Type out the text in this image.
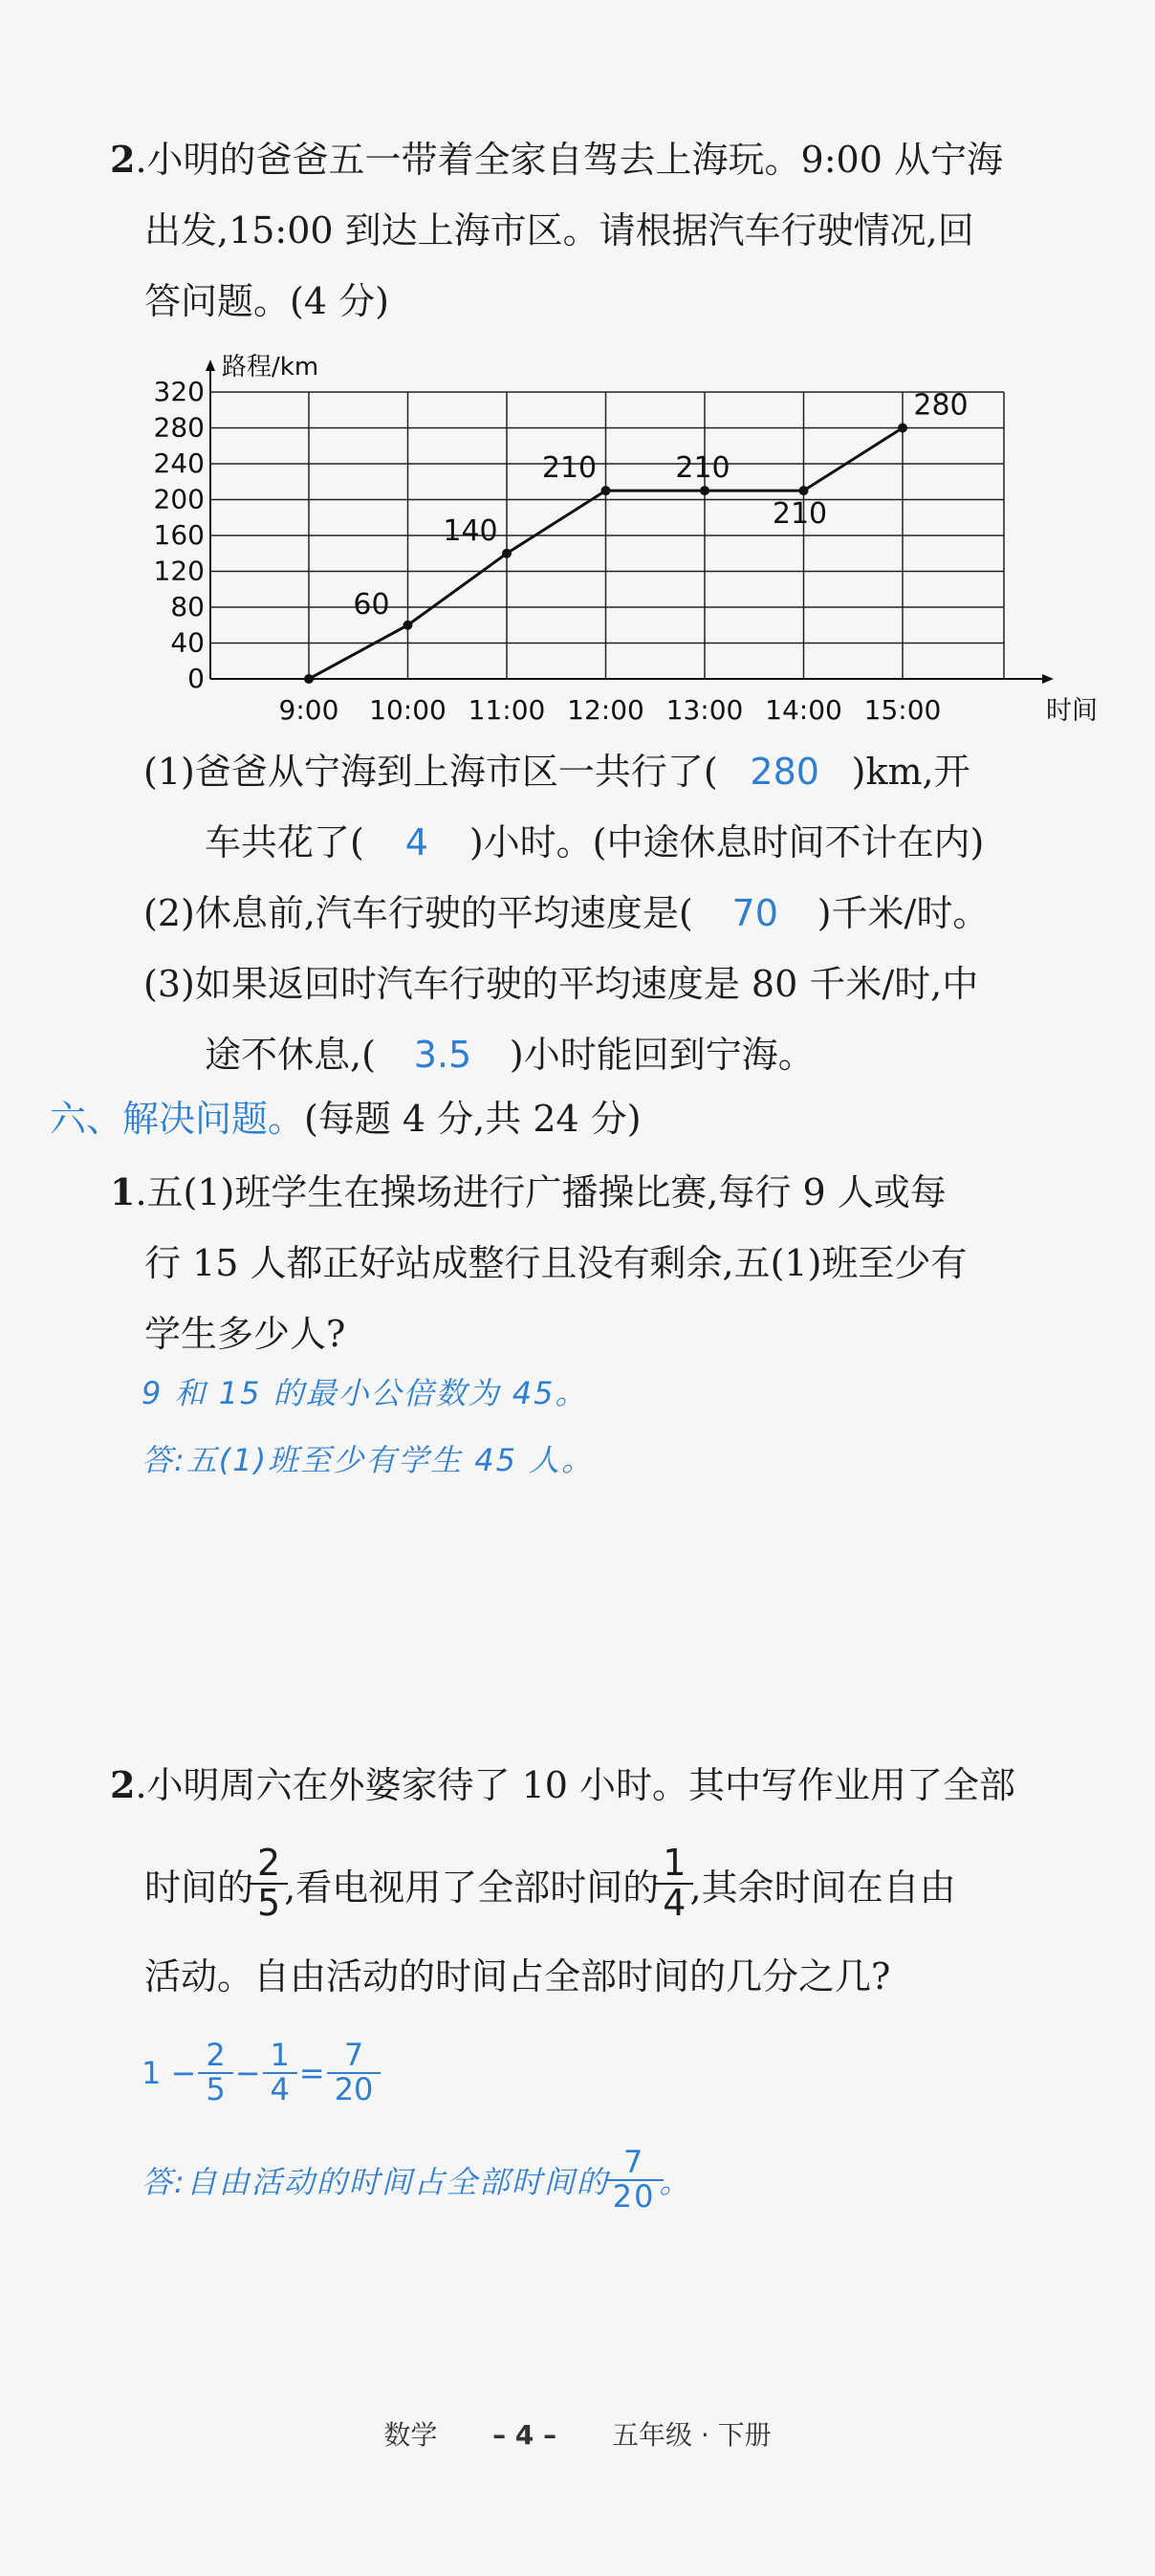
2.小明的爸爸五一带着全家自驾去上海玩。9:00 从宁海
出发,15:00 到达上海市区。请根据汽车行驶情况,回
答问题。(4 分)
路程/km
时间
0
40
80
120
160
200
240
280
320
9:00 10:00 11:00 12:00 13:00 14:00 15:00
60
140
210	210
210
280
(1)爸爸从宁海到上海市区一共行了( 280 )km,开
车共花了( 4 )小时。(中途休息时间不计在内)
(2)休息前,汽车行驶的平均速度是( 70 )千米/时。
(3)如果返回时汽车行驶的平均速度是 80 千米/时,中
途不休息,( 3.5 )小时能回到宁海。
六、解决问题。(每题 4 分,共 24 分)
1.五(1)班学生在操场进行广播操比赛,每行 9 人或每
行 15 人都正好站成整行且没有剩余,五(1)班至少有
学生多少人?
9 和 15 的最小公倍数为 45。
答:五(1)班至少有学生 45 人。
2.小明周六在外婆家待了 10 小时。其中写作业用了全部
时间的 $\frac{2}{5}$ ,看电视用了全部时间的 $\frac{1}{4}$ ,其余时间在自由
活动。自由活动的时间占全部时间的几分之几?
$1 - \frac{2}{5} - \frac{1}{4} = \frac{7}{20}$
答:自由活动的时间占全部时间的 $\frac{7}{20}$ 。
数学 – 4 – 五年级 · 下册
